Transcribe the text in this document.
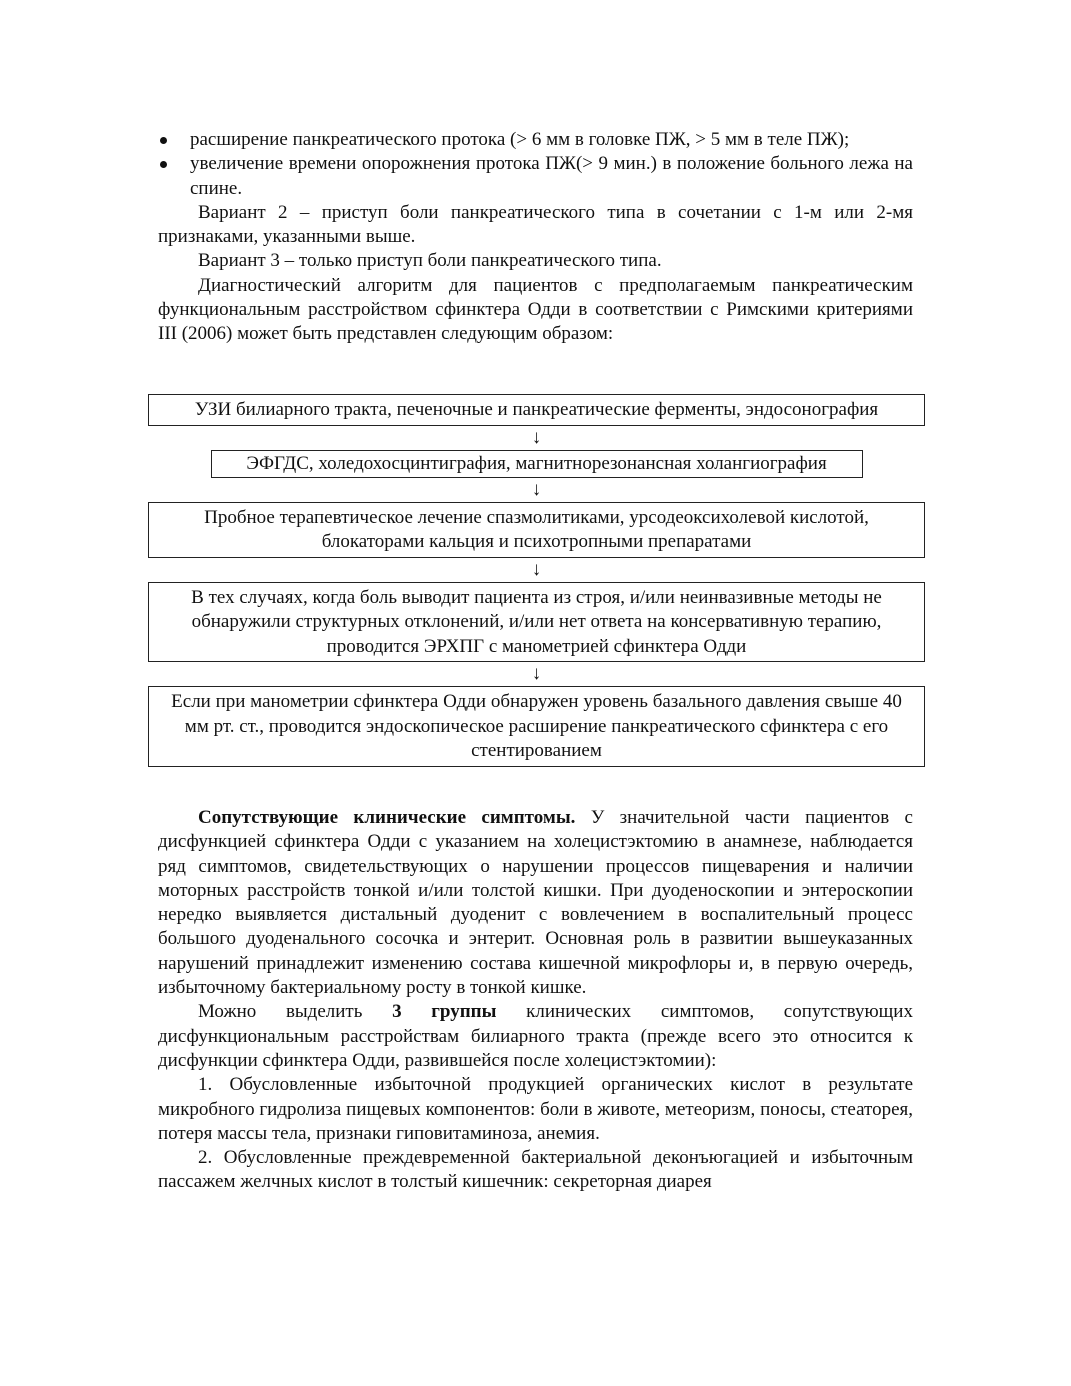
расширение панкреатического протока (> 6 мм в головке ПЖ, > 5 мм в теле ПЖ);
увеличение времени опорожнения протока ПЖ(> 9 мин.) в положение больного лежа на спине.

Вариант 2 – приступ боли панкреатического типа в сочетании с 1-м или 2-мя признаками, указанными выше.

Вариант 3 – только приступ боли панкреатического типа.

Диагностический алгоритм для пациентов с предполагаемым панкреатическим функциональным расстройством сфинктера Одди в соответствии с Римскими критериями III (2006) может быть представлен следующим образом:

УЗИ билиарного тракта, печеночные и панкреатические ферменты, эндосонография
↓
ЭФГДС, холедохосцинтиграфия, магнитнорезонансная холангиография
↓
Пробное терапевтическое лечение спазмолитиками, урсодеоксихолевой кислотой, блокаторами кальция и психотропными препаратами
↓
В тех случаях, когда боль выводит пациента из строя, и/или неинвазивные методы не обнаружили структурных отклонений, и/или нет ответа на консервативную терапию, проводится ЭРХПГ с манометрией сфинктера Одди
↓
Если при манометрии сфинктера Одди обнаружен уровень базального давления свыше 40 мм рт. ст., проводится эндоскопическое расширение панкреатического сфинктера с его стентированием

Сопутствующие клинические симптомы. У значительной части пациентов с дисфункцией сфинктера Одди с указанием на холецистэктомию в анамнезе, наблюдается ряд симптомов, свидетельствующих о нарушении процессов пищеварения и наличии моторных расстройств тонкой и/или толстой кишки. При дуоденоскопии и энтероскопии нередко выявляется дистальный дуоденит с вовлечением в воспалительный процесс большого дуоденального сосочка и энтерит. Основная роль в развитии вышеуказанных нарушений принадлежит изменению состава кишечной микрофлоры и, в первую очередь, избыточному бактериальному росту в тонкой кишке.

Можно выделить 3 группы клинических симптомов, сопутствующих дисфункциональным расстройствам билиарного тракта (прежде всего это относится к дисфункции сфинктера Одди, развившейся после холецистэктомии):

1. Обусловленные избыточной продукцией органических кислот в результате микробного гидролиза пищевых компонентов: боли в животе, метеоризм, поносы, стеаторея, потеря массы тела, признаки гиповитаминоза, анемия.

2. Обусловленные преждевременной бактериальной деконъюгацией и избыточным пассажем желчных кислот в толстый кишечник: секреторная диарея
